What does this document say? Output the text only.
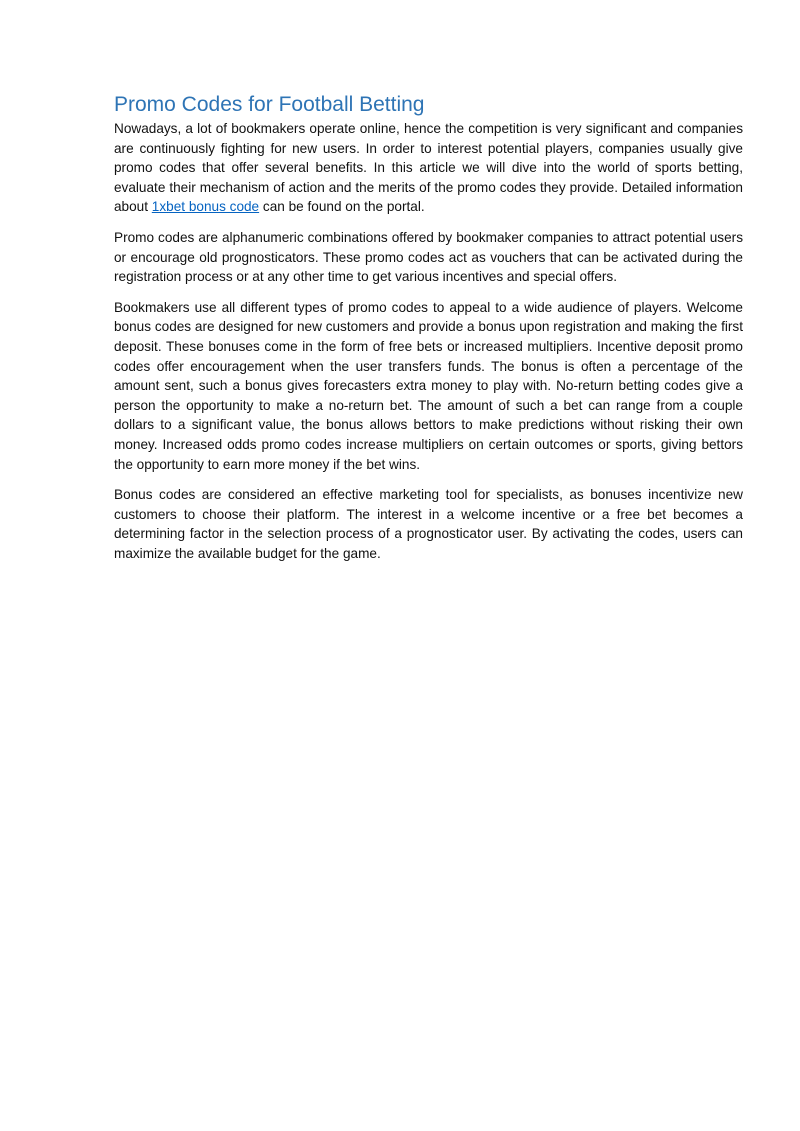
Promo Codes for Football Betting

Nowadays, a lot of bookmakers operate online, hence the competition is very significant and companies are continuously fighting for new users. In order to interest potential players, companies usually give promo codes that offer several benefits. In this article we will dive into the world of sports betting, evaluate their mechanism of action and the merits of the promo codes they provide. Detailed information about 1xbet bonus code can be found on the portal.

Promo codes are alphanumeric combinations offered by bookmaker companies to attract potential users or encourage old prognosticators. These promo codes act as vouchers that can be activated during the registration process or at any other time to get various incentives and special offers.

Bookmakers use all different types of promo codes to appeal to a wide audience of players. Welcome bonus codes are designed for new customers and provide a bonus upon registration and making the first deposit. These bonuses come in the form of free bets or increased multipliers. Incentive deposit promo codes offer encouragement when the user transfers funds. The bonus is often a percentage of the amount sent, such a bonus gives forecasters extra money to play with. No-return betting codes give a person the opportunity to make a no-return bet. The amount of such a bet can range from a couple dollars to a significant value, the bonus allows bettors to make predictions without risking their own money. Increased odds promo codes increase multipliers on certain outcomes or sports, giving bettors the opportunity to earn more money if the bet wins.

Bonus codes are considered an effective marketing tool for specialists, as bonuses incentivize new customers to choose their platform. The interest in a welcome incentive or a free bet becomes a determining factor in the selection process of a prognosticator user. By activating the codes, users can maximize the available budget for the game.
